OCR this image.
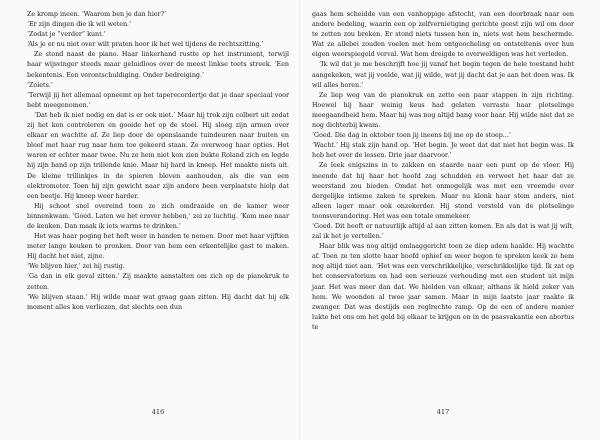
Ze kromp ineen. ‘Waarom ben je dan hier?’

‘Er zijn dingen die ik wil weten.’

‘Zodat je “verder” kunt.’

‘Als je er nu niet over wilt praten hoor ik het wel tijdens de rechtszitting.’

Ze stond naast de piano. Haar linkerhand rustte op het instrument, terwijl haar wijsvinger steeds maar geluidloos over de meest linkse toets streek. ‘Een bekentenis. Een verontschuldiging. Onder bedreiging.’

‘Zoiets.’

‘Terwijl jij het allemaal opneemt op het taperecordertje dat je daar speciaal voor hebt meegenomen.’

‘Dat heb ik niet nodig en dat is er ook niet.’ Maar hij trok zijn colbert uit zodat zij het kon controleren en gooide het op de stoel. Hij sloeg zijn armen over elkaar en wachtte af. Ze liep door de openslaande tuindeuren naar buiten en bleef met haar rug naar hem toe gekeerd staan. Ze overwoog haar opties. Het waren er echter maar twee. Nu ze hem niet kon zien bukte Roland zich en legde hij zijn hand op zijn trillende knie. Maar hij hard in kneep. Het maakte niets uit. De kleine trillinkjes in de spieren bleven aanhouden, als die van een elektromotor. Toen hij zijn gewicht naar zijn andere been verplaatste hielp dat een beetje. Hij kneep weer harder.

Hij schoot snel overeind toen ze zich omdraaide en de kamer weer binnenkwam. ‘Goed. Laten we het erover hebben,’ zei ze luchtig. ‘Kom mee naar de keuken. Dan maak ik iets warms te drinken.’

Het was haar poging het heft weer in handen te nemen. Door met haar vijftien meter lange keuken te pronken. Door van hem een erkentelijke gast te maken. Hij dacht het niet, zijne.

‘We blijven hier,’ zei hij rustig.

‘Ga dan in elk geval zitten.’ Zij maakte aanstalten om zich op de pianokruk te zetten.

‘We blijven staan.’ Hij wilde maar wat graag gaan zitten. Hij dacht dat hij elk moment alles kon verliezen, dat slechts een dun

416

gaas hem scheidde van een vanhoppige afstocht, van een doorbraak naar een andere bedeling, waarin een op zelfvernietiging gerichte geest zijn wil om door te zetten zou breken. Er stond niets tussen hen in, niets wat hem beschermde. Wat ze allebei zouden voelen met hem ontgoocheling en ontsteltenis over hun eigen weerspiegeld verval. Wat hem dreigde te overweldigen was het verleden.

‘Ik wil dat je me beschrijft hoe jij vanaf het begin tegen de hele toestand hebt aangekeken, wat jij voelde, wat jij wilde, wat jij dacht dat je aan het doen was. Ik wil alles horen.’

Ze liep weg van de pianokruk en zette een paar stappen in zijn richting. Hoewel hij haar weinig keus had gelaten verraste haar plotselinge meegaandheid hem. Maar hij was nog altijd bang voor haar. Hij wilde niet dat ze nog dichterbij kwam.

‘Goed. Die dag in oktober toen jij ineens bij me op de stoep...’

‘Wacht.’ Hij stak zijn hand op. ‘Het begin. Je weet dat dat niet het begin was. Ik heb het over de lessen. Drie jaar daarvoor.’

Ze leek enigszins in te zakken en staarde naar een punt op de vloer. Hij meende dat hij haar het hoofd zag schudden en verweet het haar dat ze weerstand zou bieden. Omdat het onmogelijk was met een vreemde over dergelijke intieme zaken te spreken. Maar nu klonk haar stem anders, niet alleen lager maar ook onzekerder. Hij stond versteld van de plotselinge toonsverandering. Het was een totale ommekeer.

‘Goed. Dit heeft er natuurlijk altijd al aan zitten komen. En als dat is wat jij wilt, zal ik het je vertellen.’

Haar blik was nog altijd omlaaggericht toen ze diep adem haalde. Hij wachtte af. Toen ze ten slotte haar hoofd ophief en weer begon te spreken keek ze hem nog altijd niet aan. ‘Het was een verschrikkelijke, verschrikkelijke tijd. Ik zat op het conservatorium en had een serieuze verhouding met een student uit mijn jaar. Het was meer dan dat. We hielden van elkaar, althans ik hield zeker van hem. We woonden al twee jaar samen. Maar in mijn laatste jaar raakte ik zwanger. Dat was destijds een reglrechte ramp. Op de een of andere manier lukte het ons om het geld bij elkaar te krijgen en in de paasvakantie een abortus te

417
